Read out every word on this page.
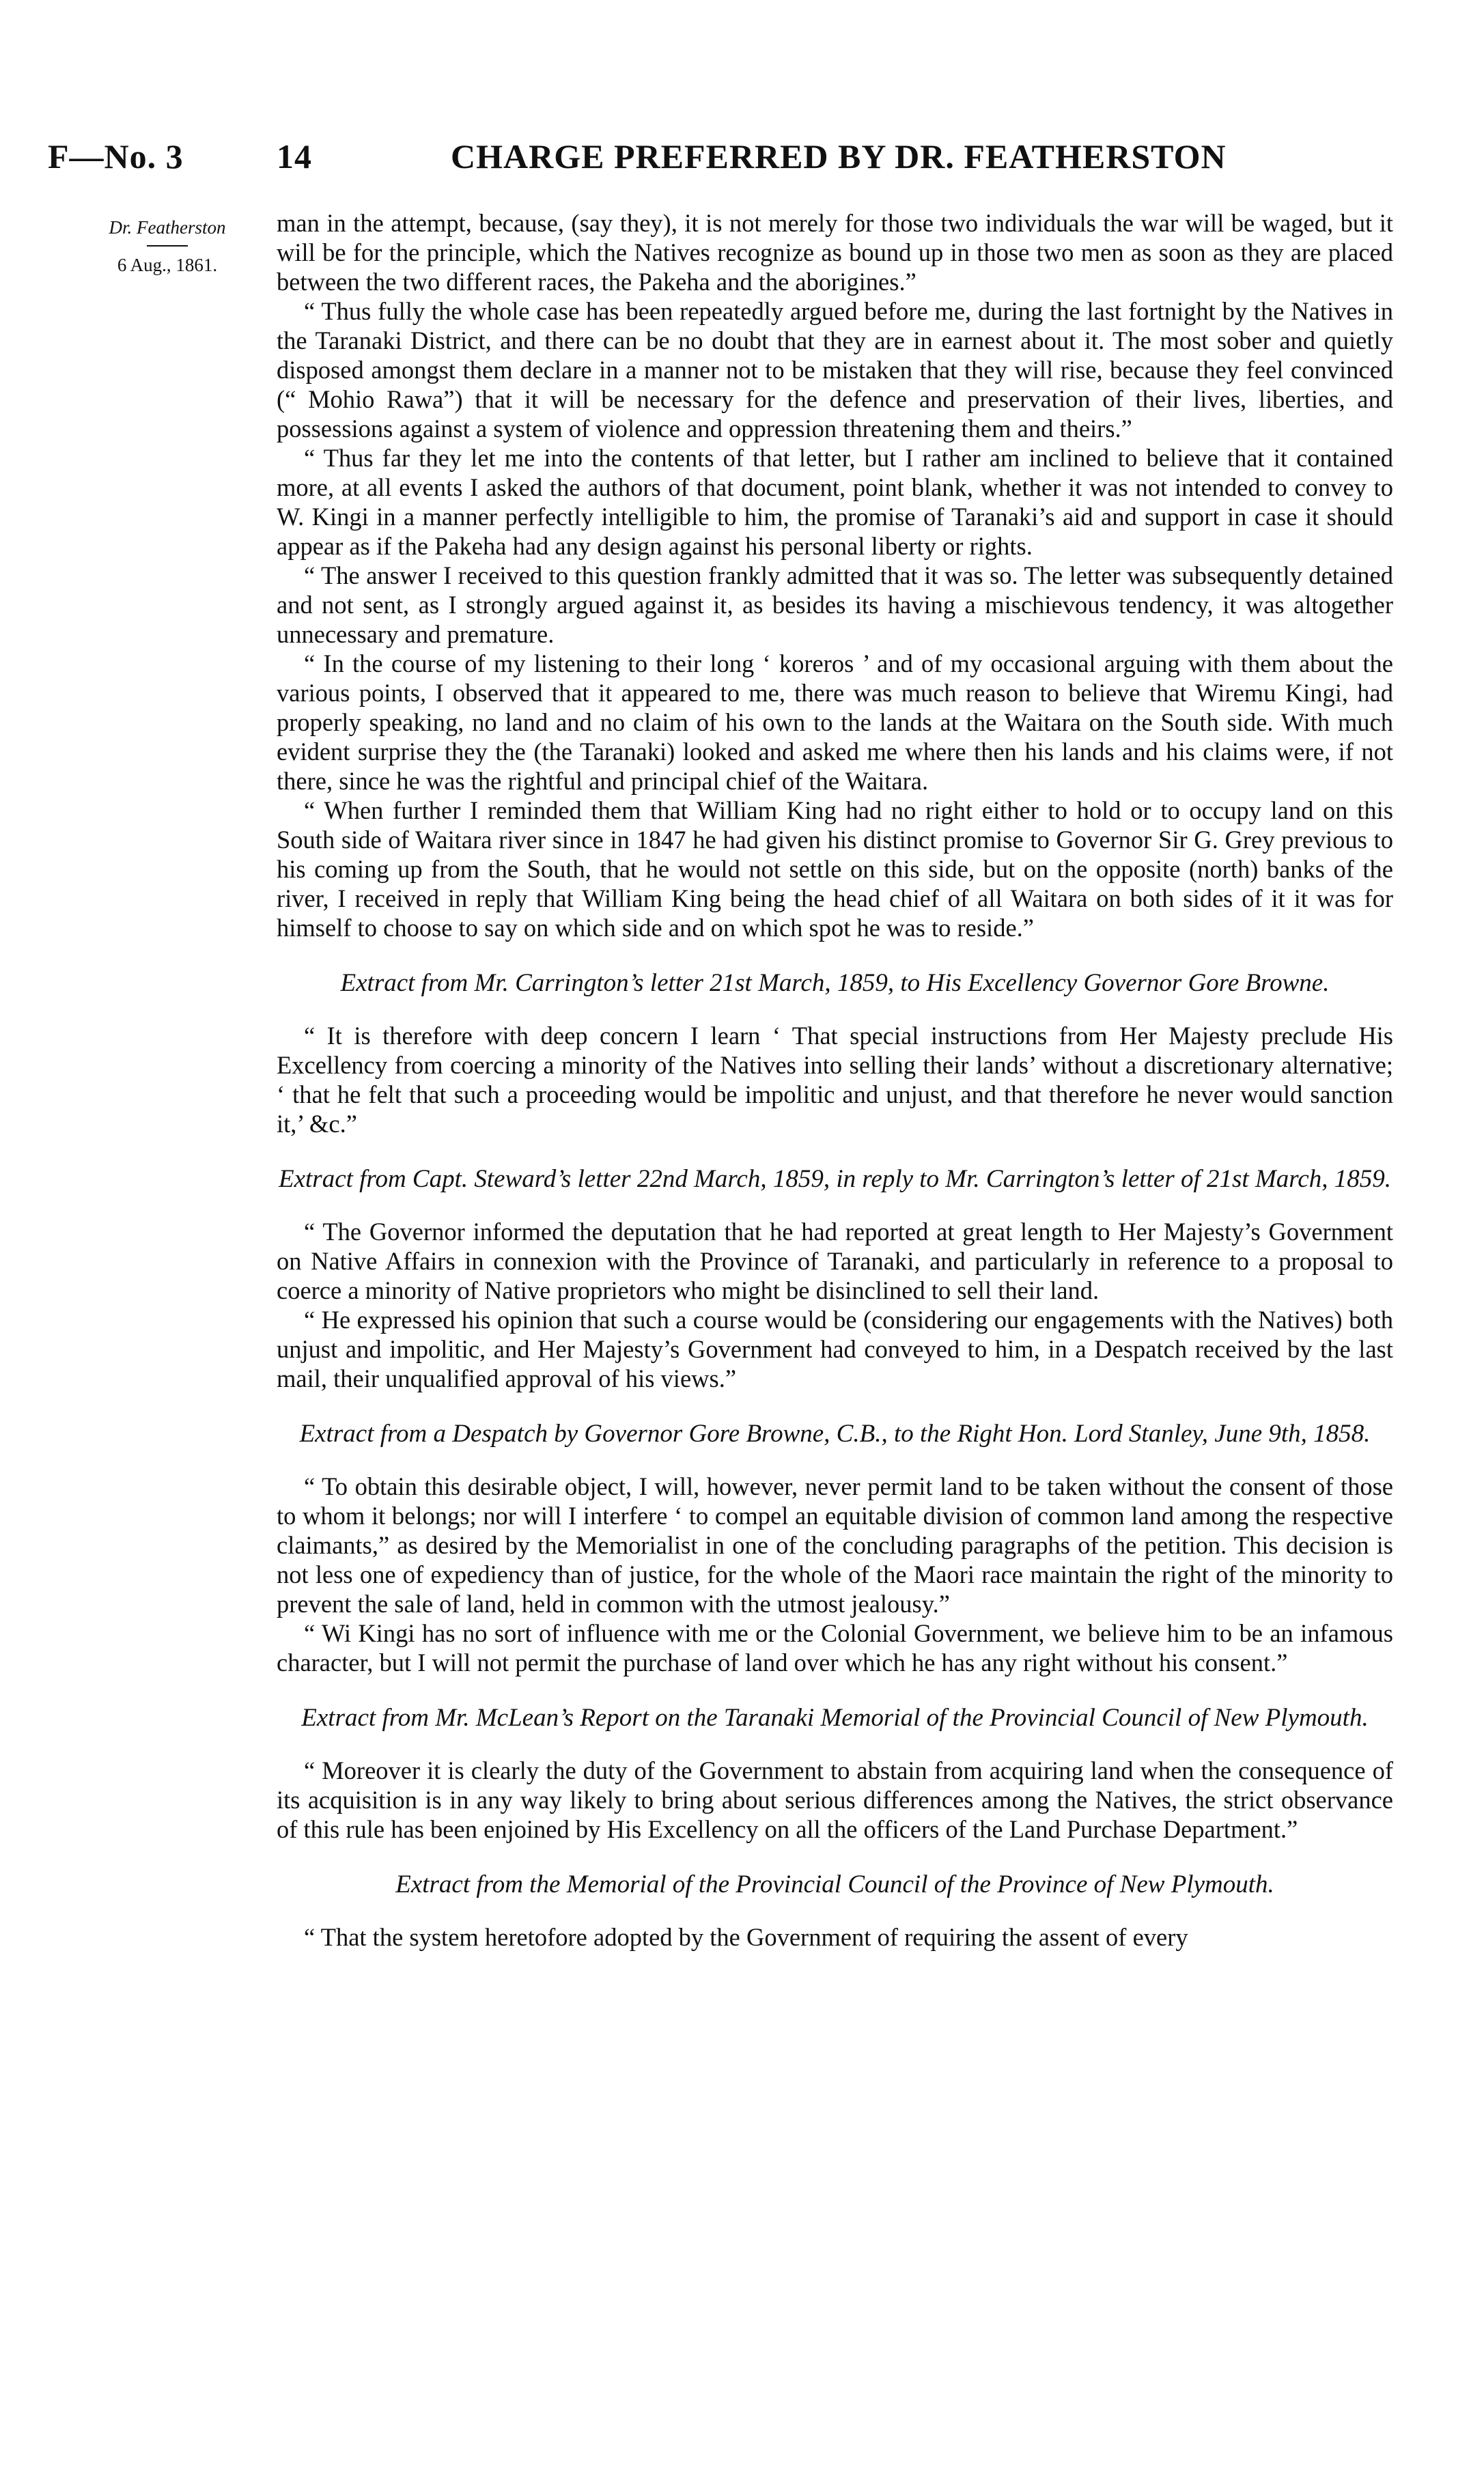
F—No. 3	14	CHARGE PREFERRED BY DR. FEATHERSTON
Dr. Featherston
6 Aug., 1861.

man in the attempt, because, (say they), it is not merely for those two individuals the war will be waged, but it will be for the principle, which the Natives recognize as bound up in those two men as soon as they are placed between the two different races, the Pakeha and the aborigines.”

“ Thus fully the whole case has been repeatedly argued before me, during the last fortnight by the Natives in the Taranaki District, and there can be no doubt that they are in earnest about it. The most sober and quietly disposed amongst them declare in a manner not to be mistaken that they will rise, because they feel convinced (“ Mohio Rawa”) that it will be necessary for the defence and preservation of their lives, liberties, and possessions against a system of violence and oppression threatening them and theirs.”

“ Thus far they let me into the contents of that letter, but I rather am inclined to believe that it contained more, at all events I asked the authors of that document, point blank, whether it was not intended to convey to W. Kingi in a manner perfectly intelligible to him, the promise of Taranaki’s aid and support in case it should appear as if the Pakeha had any design against his personal liberty or rights.

“ The answer I received to this question frankly admitted that it was so. The letter was subsequently detained and not sent, as I strongly argued against it, as besides its having a mischievous tendency, it was altogether unnecessary and premature.

“ In the course of my listening to their long ‘ koreros ’ and of my occasional arguing with them about the various points, I observed that it appeared to me, there was much reason to believe that Wiremu Kingi, had properly speaking, no land and no claim of his own to the lands at the Waitara on the South side. With much evident surprise they the (the Taranaki) looked and asked me where then his lands and his claims were, if not there, since he was the rightful and principal chief of the Waitara.

“ When further I reminded them that William King had no right either to hold or to occupy land on this South side of Waitara river since in 1847 he had given his distinct promise to Governor Sir G. Grey previous to his coming up from the South, that he would not settle on this side, but on the opposite (north) banks of the river, I received in reply that William King being the head chief of all Waitara on both sides of it it was for himself to choose to say on which side and on which spot he was to reside.”

Extract from Mr. Carrington’s letter 21st March, 1859, to His Excellency Governor Gore Browne.

“ It is therefore with deep concern I learn ‘ That special instructions from Her Majesty preclude His Excellency from coercing a minority of the Natives into selling their lands’ without a discretionary alternative; ‘ that he felt that such a proceeding would be impolitic and unjust, and that therefore he never would sanction it,’ &c.”

Extract from Capt. Steward’s letter 22nd March, 1859, in reply to Mr. Carrington’s letter of 21st March, 1859.

“ The Governor informed the deputation that he had reported at great length to Her Majesty’s Government on Native Affairs in connexion with the Province of Taranaki, and particularly in reference to a proposal to coerce a minority of Native proprietors who might be disinclined to sell their land.

“ He expressed his opinion that such a course would be (considering our engagements with the Natives) both unjust and impolitic, and Her Majesty’s Government had conveyed to him, in a Despatch received by the last mail, their unqualified approval of his views.”

Extract from a Despatch by Governor Gore Browne, C.B., to the Right Hon. Lord Stanley, June 9th, 1858.

“ To obtain this desirable object, I will, however, never permit land to be taken without the consent of those to whom it belongs; nor will I interfere ‘ to compel an equitable division of common land among the respective claimants,” as desired by the Memorialist in one of the concluding paragraphs of the petition. This decision is not less one of expediency than of justice, for the whole of the Maori race maintain the right of the minority to prevent the sale of land, held in common with the utmost jealousy.”

“ Wi Kingi has no sort of influence with me or the Colonial Government, we believe him to be an infamous character, but I will not permit the purchase of land over which he has any right without his consent.”

Extract from Mr. McLean’s Report on the Taranaki Memorial of the Provincial Council of New Plymouth.

“ Moreover it is clearly the duty of the Government to abstain from acquiring land when the consequence of its acquisition is in any way likely to bring about serious differences among the Natives, the strict observance of this rule has been enjoined by His Excellency on all the officers of the Land Purchase Department.”

Extract from the Memorial of the Provincial Council of the Province of New Plymouth.

“ That the system heretofore adopted by the Government of requiring the assent of every
